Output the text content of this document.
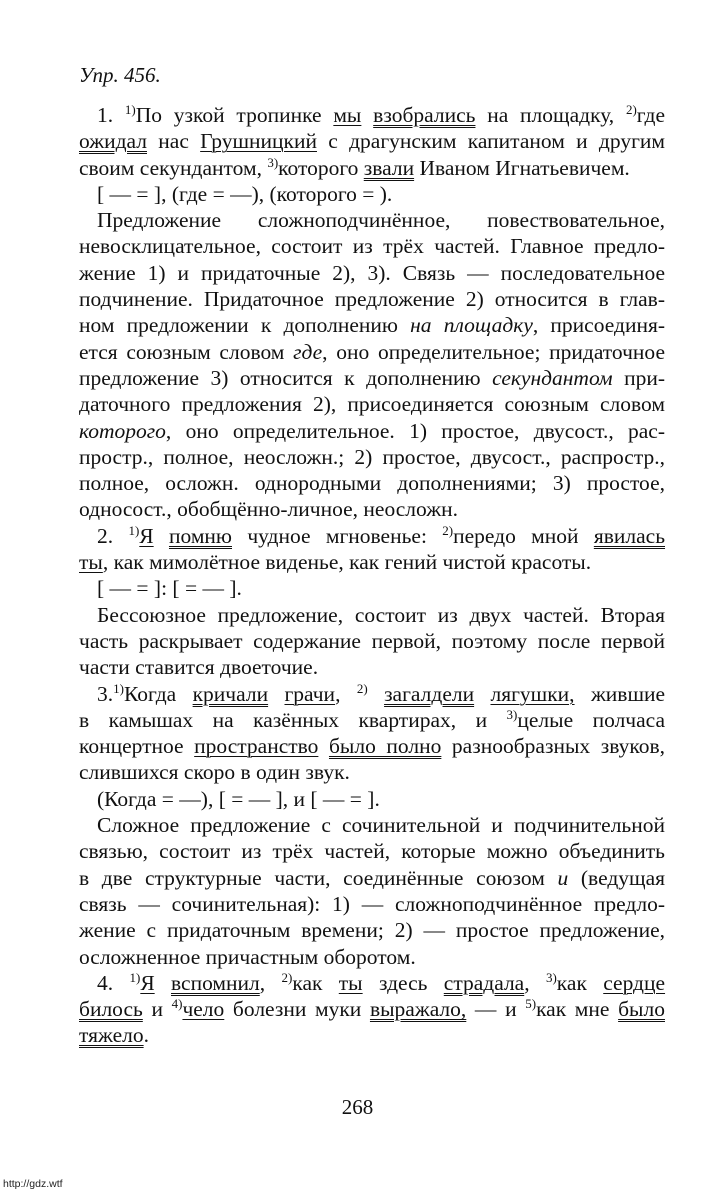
Упр. 456.
1. $^{1)}$По узкой тропинке мы взобрались на площадку, $^{2)}$где
ожидал нас Грушницкий с драгунским капитаном и другим
своим секундантом, $^{3)}$которого звали Иваном Игнатьевичем.
[ — = ], (где = —), (которого = ).
Предложение сложноподчинённое, повествовательное,
невосклицательное, состоит из трёх частей. Главное предло-
жение 1) и придаточные 2), 3). Связь — последовательное
подчинение. Придаточное предложение 2) относится в глав-
ном предложении к дополнению на площадку, присоединя-
ется союзным словом где, оно определительное; придаточное
предложение 3) относится к дополнению секундантом при-
даточного предложения 2), присоединяется союзным словом
которого, оно определительное. 1) простое, двусост., рас-
простр., полное, неосложн.; 2) простое, двусост., распростр.,
полное, осложн. однородными дополнениями; 3) простое,
односост., обобщённо-личное, неосложн.
2. $^{1)}$Я помню чудное мгновенье: $^{2)}$передо мной явилась
ты, как мимолётное виденье, как гений чистой красоты.
[ — = ]: [ = — ].
Бессоюзное предложение, состоит из двух частей. Вторая
часть раскрывает содержание первой, поэтому после первой
части ставится двоеточие.
3.$^{1)}$Когда кричали грачи, $^{2)}$ загалдели лягушки, жившие
в камышах на казённых квартирах, и $^{3)}$целые полчаса
концертное пространство было полно разнообразных звуков,
слившихся скоро в один звук.
(Когда = —), [ = — ], и [ — = ].
Сложное предложение с сочинительной и подчинительной
связью, состоит из трёх частей, которые можно объединить
в две структурные части, соединённые союзом и (ведущая
связь — сочинительная): 1) — сложноподчинённое предло-
жение с придаточным времени; 2) — простое предложение,
осложненное причастным оборотом.
4. $^{1)}$Я вспомнил, $^{2)}$как ты здесь страдала, $^{3)}$как сердце
билось и $^{4)}$чело болезни муки выражало, — и $^{5)}$как мне было
тяжело.
268
http://gdz.wtf
